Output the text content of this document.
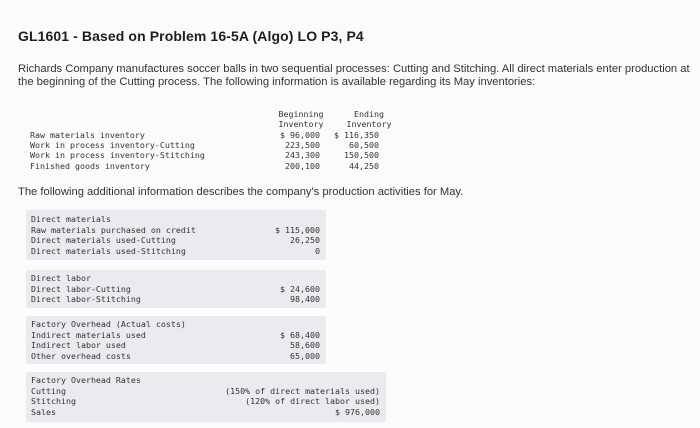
GL1601 - Based on Problem 16-5A (Algo) LO P3, P4
Richards Company manufactures soccer balls in two sequential processes: Cutting and Stitching. All direct materials enter production at the beginning of the Cutting process. The following information is available regarding its May inventories:
Beginning
Inventory
Ending
Inventory
Raw materials inventory
Work in process inventory-Cutting
Work in process inventory-Stitching
Finished goods inventory
$ 96,000
223,500
243,300
200,100
$ 116,350
60,500
150,500
44,250
The following additional information describes the company's production activities for May.
Direct materials
Raw materials purchased on credit
Direct materials used-Cutting
Direct materials used-Stitching
$ 115,000
26,250
0
Direct labor
Direct labor-Cutting
Direct labor-Stitching
$ 24,600
98,400
Factory Overhead (Actual costs)
Indirect materials used
Indirect labor used
Other overhead costs
$ 68,400
58,600
65,000
Factory Overhead Rates
Cutting
Stitching
Sales
(150% of direct materials used)
(120% of direct labor used)
$ 976,000
